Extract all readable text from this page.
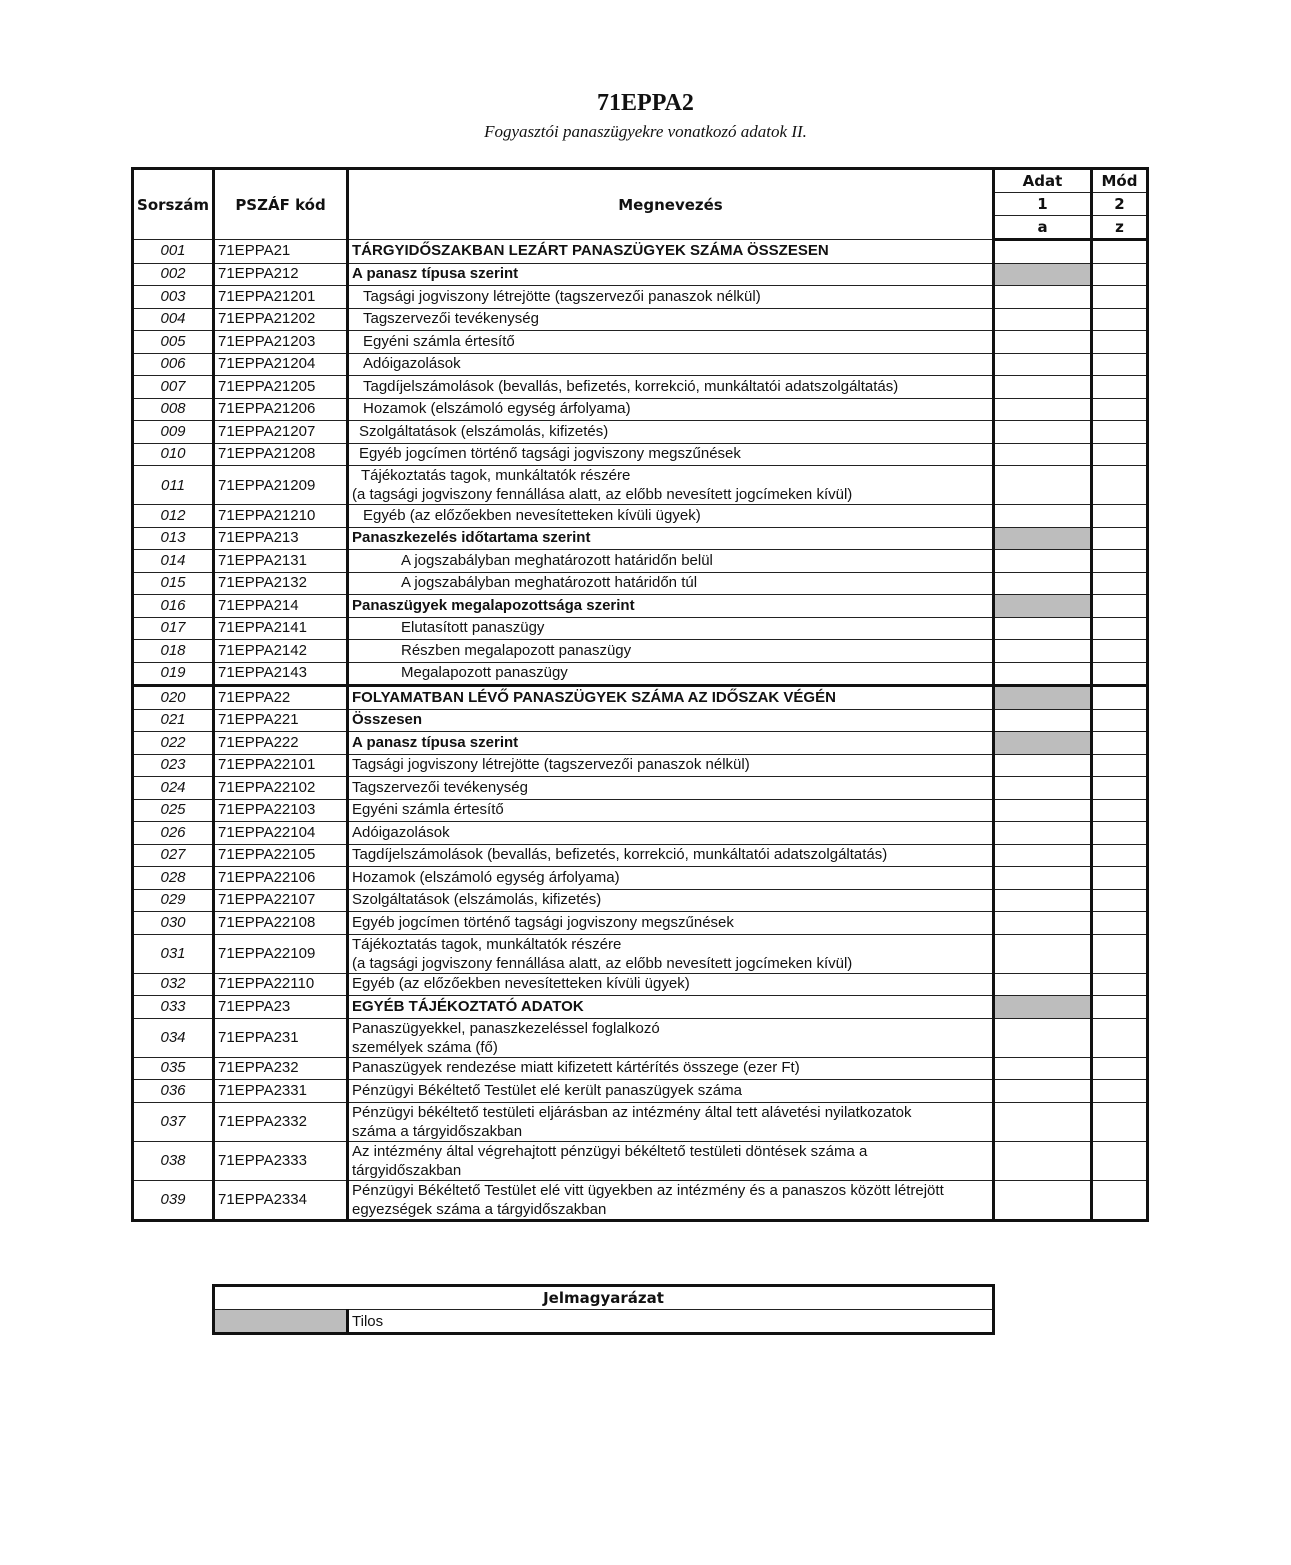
71EPPA2
Fogyasztói panaszügyekre vonatkozó adatok II.
Sorszám	PSZÁF kód	Megnevezés	Adat	Mód
			1	2
			a	z
001	71EPPA21	TÁRGYIDŐSZAKBAN LEZÁRT PANASZÜGYEK SZÁMA ÖSSZESEN		

002	71EPPA212	A panasz típusa szerint		

003	71EPPA21201	Tagsági jogviszony létrejötte (tagszervezői panaszok nélkül)		

004	71EPPA21202	Tagszervezői tevékenység		

005	71EPPA21203	Egyéni számla értesítő		

006	71EPPA21204	Adóigazolások		

007	71EPPA21205	Tagdíjelszámolások (bevallás, befizetés, korrekció, munkáltatói adatszolgáltatás)		

008	71EPPA21206	Hozamok (elszámoló egység árfolyama)		

009	71EPPA21207	Szolgáltatások (elszámolás, kifizetés)		

010	71EPPA21208	Egyéb jogcímen történő tagsági jogviszony megszűnések		

011	71EPPA21209	Tájékoztatás tagok, munkáltatók részére
(a tagsági jogviszony fennállása alatt, az előbb nevesített jogcímeken kívül)		

012	71EPPA21210	Egyéb (az előzőekben nevesítetteken kívüli ügyek)		

013	71EPPA213	Panaszkezelés időtartama szerint		

014	71EPPA2131	A jogszabályban meghatározott határidőn belül		

015	71EPPA2132	A jogszabályban meghatározott határidőn túl		

016	71EPPA214	Panaszügyek megalapozottsága szerint		

017	71EPPA2141	Elutasított panaszügy		

018	71EPPA2142	Részben megalapozott panaszügy		

019	71EPPA2143	Megalapozott panaszügy		

020	71EPPA22	FOLYAMATBAN LÉVŐ PANASZÜGYEK SZÁMA AZ IDŐSZAK VÉGÉN		

021	71EPPA221	Összesen		

022	71EPPA222	A panasz típusa szerint		

023	71EPPA22101	Tagsági jogviszony létrejötte (tagszervezői panaszok nélkül)		

024	71EPPA22102	Tagszervezői tevékenység		

025	71EPPA22103	Egyéni számla értesítő		

026	71EPPA22104	Adóigazolások		

027	71EPPA22105	Tagdíjelszámolások (bevallás, befizetés, korrekció, munkáltatói adatszolgáltatás)		

028	71EPPA22106	Hozamok (elszámoló egység árfolyama)		

029	71EPPA22107	Szolgáltatások (elszámolás, kifizetés)		

030	71EPPA22108	Egyéb jogcímen történő tagsági jogviszony megszűnések		

031	71EPPA22109	Tájékoztatás tagok, munkáltatók részére
(a tagsági jogviszony fennállása alatt, az előbb nevesített jogcímeken kívül)		

032	71EPPA22110	Egyéb (az előzőekben nevesítetteken kívüli ügyek)		

033	71EPPA23	EGYÉB TÁJÉKOZTATÓ ADATOK		

034	71EPPA231	Panaszügyekkel, panaszkezeléssel foglalkozó
személyek száma (fő)		

035	71EPPA232	Panaszügyek rendezése miatt kifizetett kártérítés összege (ezer Ft)		

036	71EPPA2331	Pénzügyi Békéltető Testület elé került panaszügyek száma		

037	71EPPA2332	Pénzügyi békéltető testületi eljárásban az intézmény által tett alávetési nyilatkozatok
száma a tárgyidőszakban		

038	71EPPA2333	Az intézmény által végrehajtott pénzügyi békéltető testületi döntések száma a
tárgyidőszakban		

039	71EPPA2334	Pénzügyi Békéltető Testület elé vitt ügyekben az intézmény és a panaszos között létrejött
egyezségek száma a tárgyidőszakban		

Jelmagyarázat
	Tilos
